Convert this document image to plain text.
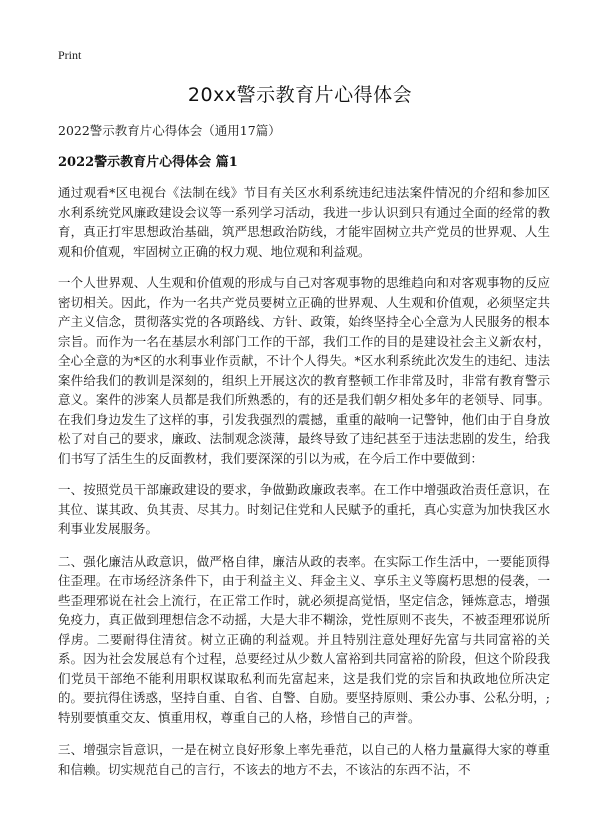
Print
20xx警示教育片心得体会
2022警示教育片心得体会（通用17篇）
2022警示教育片心得体会 篇1

通过观看*区电视台《法制在线》节目有关区水利系统违纪违法案件情况的介绍和参加区水利系统党风廉政建设会议等一系列学习活动，我进一步认识到只有通过全面的经常的教育，真正打牢思想政治基础，筑严思想政治防线，才能牢固树立共产党员的世界观、人生观和价值观，牢固树立正确的权力观、地位观和利益观。

一个人世界观、人生观和价值观的形成与自己对客观事物的思维趋向和对客观事物的反应密切相关。因此，作为一名共产党员要树立正确的世界观、人生观和价值观，必须坚定共产主义信念，贯彻落实党的各项路线、方针、政策，始终坚持全心全意为人民服务的根本宗旨。而作为一名在基层水利部门工作的干部，我们工作的目的是建设社会主义新农村，全心全意的为*区的水利事业作贡献，不计个人得失。*区水利系统此次发生的违纪、违法案件给我们的教训是深刻的，组织上开展这次的教育整顿工作非常及时，非常有教育警示意义。案件的涉案人员都是我们所熟悉的，有的还是我们朝夕相处多年的老领导、同事。在我们身边发生了这样的事，引发我强烈的震撼，重重的敲响一记警钟，他们由于自身放松了对自己的要求，廉政、法制观念淡薄，最终导致了违纪甚至于违法悲剧的发生，给我们书写了活生生的反面教材，我们要深深的引以为戒，在今后工作中要做到：

一、按照党员干部廉政建设的要求，争做勤政廉政表率。在工作中增强政治责任意识，在其位、谋其政、负其责、尽其力。时刻记住党和人民赋予的重托，真心实意为加快我区水利事业发展服务。

二、强化廉洁从政意识，做严格自律，廉洁从政的表率。在实际工作生活中，一要能顶得住歪理。在市场经济条件下，由于利益主义、拜金主义、享乐主义等腐朽思想的侵袭，一些歪理邪说在社会上流行，在正常工作时，就必须提高觉悟，坚定信念，锤炼意志，增强免疫力，真正做到理想信念不动摇，大是大非不糊涂，党性原则不丧失，不被歪理邪说所俘虏。二要耐得住清贫。树立正确的利益观。并且特别注意处理好先富与共同富裕的关系。因为社会发展总有个过程，总要经过从少数人富裕到共同富裕的阶段，但这个阶段我们党员干部绝不能利用职权谋取私利而先富起来，这是我们党的宗旨和执政地位所决定的。要抗得住诱惑，坚持自重、自省、自警、自励。要坚持原则、秉公办事、公私分明，;特别要慎重交友、慎重用权，尊重自己的人格，珍惜自己的声誉。

三、增强宗旨意识，一是在树立良好形象上率先垂范，以自己的人格力量赢得大家的尊重和信赖。切实规范自己的言行，不该去的地方不去，不该沾的东西不沾，不
